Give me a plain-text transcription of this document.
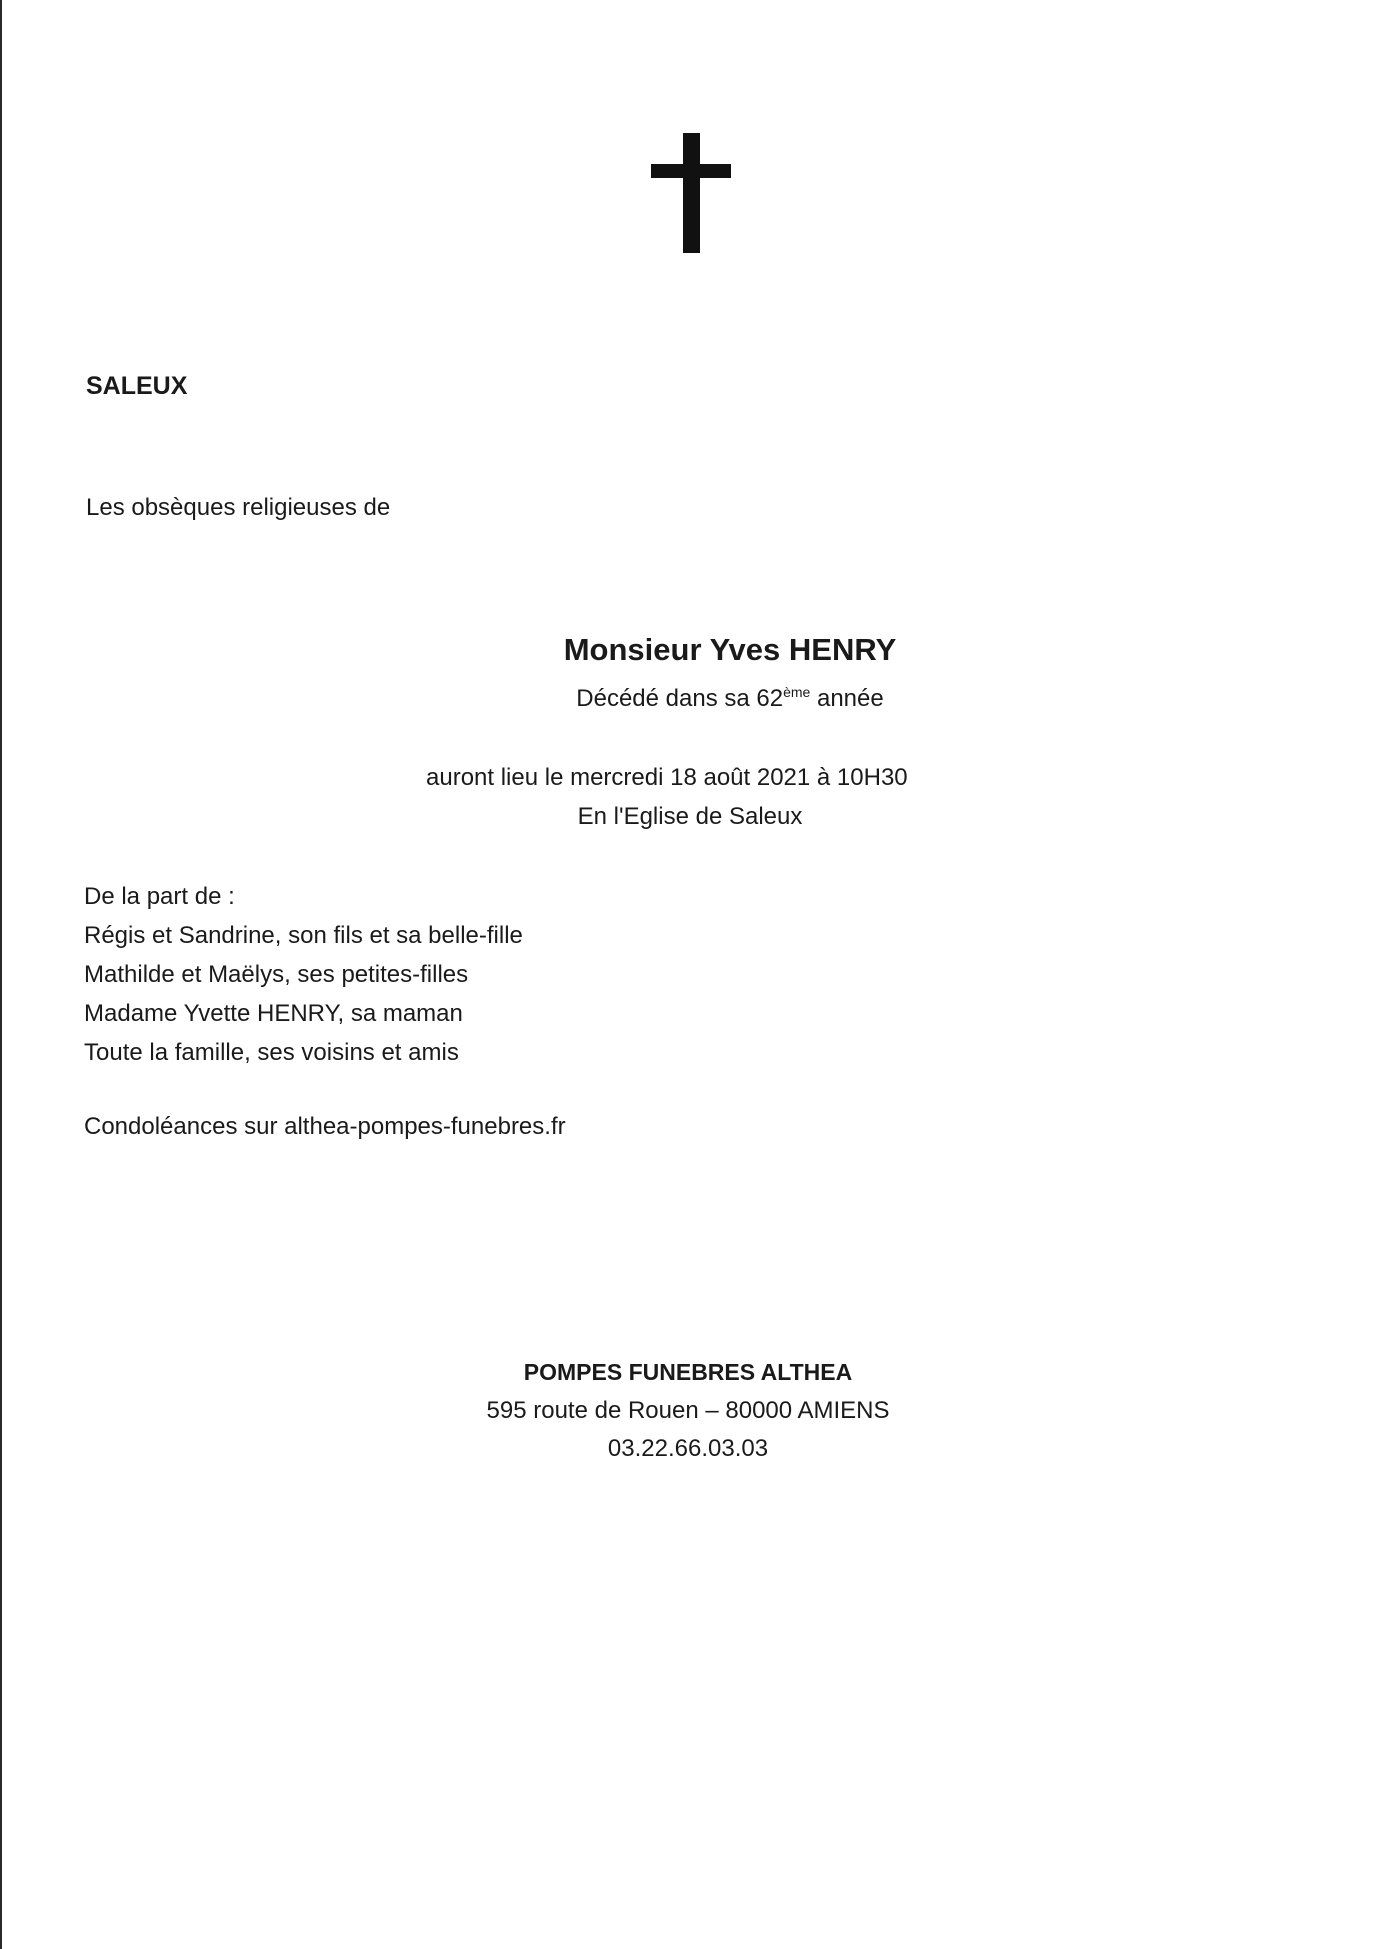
SALEUX
Les obsèques religieuses de
Monsieur Yves HENRY
Décédé dans sa 62ème année
auront lieu le mercredi 18 août 2021 à 10H30
En l'Eglise de Saleux
De la part de :
Régis et Sandrine, son fils et sa belle-fille
Mathilde et Maëlys, ses petites-filles
Madame Yvette HENRY, sa maman
Toute la famille, ses voisins et amis
Condoléances sur althea-pompes-funebres.fr
POMPES FUNEBRES ALTHEA
595 route de Rouen – 80000 AMIENS
03.22.66.03.03
